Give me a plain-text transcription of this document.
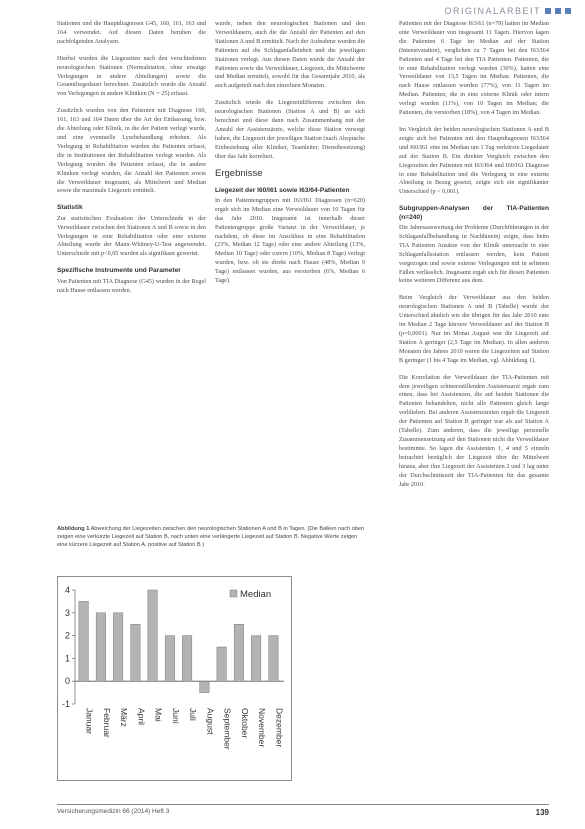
ORIGINALARBEIT

Stationen und die Hauptdiagnosen G45, 160, 161, 163 und 164 verwendet. Auf diesen Daten beruhen die nachfolgenden Analysen.

Hierbei wurden die Liegezeiten nach den verschiedenen neurologischen Stationen (Normalstation, ohne etwaige Verlegungen in andere Abteilungen) sowie die Gesamtliegedauer berechnet. Zusätzlich wurde die Anzahl von Verlegungen in andere Kliniken (N = 25) erfasst.

Zusätzlich wurden von den Patienten mit Diagnose 160, 161, 163 und 164 Daten über die Art der Entlassung, bzw. die Abteilung oder Klinik, in die der Patient verlegt wurde, und eine eventuelle Lysebehandlung erhoben. Als Verlegung in Rehabilitation wurden die Patienten erfasst, die in Institutionen der Rehabilitation verlegt wurden. Als Verlegung wurden die Patienten erfasst, die in andere Kliniken verlegt wurden, die Anzahl der Patienten sowie die Verweildauer insgesamt, als Mittelwert und Median sowie die maximale Liegezeit ermittelt.

Statistik

Zur statistischen Evaluation der Unterschiede in der Verweildauer zwischen den Stationen A und B sowie in den Verlegungen in eine Rehabilitation oder eine externe Abteilung wurde der Mann-Whitney-U-Test angewendet. Unterschiede mit p<0,05 wurden als signifikant gewertet.

Spezifische Instrumente und Parameter

Von Patienten mit TIA Diagnose (G45) wurden in der Regel nach Hause entlassen werden.

wurde, neben den neurologischen Stationen und den Verweildauern, auch die die Anzahl der Patienten auf den Stationen A und B ermittelt. Nach der Aufnahme wurden die Patienten auf die Schlaganfalleinheit und die jeweiligen Stationen verlegt. Aus diesen Daten wurde die Anzahl der Patienten sowie die Verweildauer, Liegezeit, die Mittelwerte und Median ermittelt, sowohl für das Gesamtjahr 2010, als auch aufgeteilt nach den einzelnen Monaten.

Zusätzlich wurde die Liegezeitdifferenz zwischen den neurologischen Stationen (Station A und B) an sich berechnet und diese dann nach Zusammenhang mit der Anzahl der Assistenzärzte, welche diese Station versorgt haben, die Liegezeit der jeweiligen Station (nach Absprache Einbeziehung aller Kliniker, Teamleiter, Dienstbesetzung) über das Jahr korreliert.

Ergebnisse
Liegezeit der I60/I61 sowie I63/64-Patienten

In den Patientengruppen mit I63/I61 Diagnosen (n=620) ergab sich im Median eine Verweildauer von 10 Tagen für das Jahr 2010. Insgesamt ist innerhalb dieser Patientengruppe große Varianz in der Verweildauer, je nachdem, ob diese im Anschluss in eine Rehabilitation (23%, Median 12 Tage) oder eine andere Abteilung (13%, Median 10 Tage) oder extern (10%, Median 8 Tage) verlegt wurden, bzw. ob sie direkt nach Hause (48%, Median 9 Tage) entlassen wurden, aus verstorben (6%, Median 6 Tage).

Patienten mit der Diagnose I63/61 (n=79) hatten im Median eine Verweildauer von insgesamt 11 Tagen. Hiervon lagen die Patienten 6 Tage im Median auf der Station (Intensivstation), verglichen zu 7 Tagen bei den I63/I64 Patienten und 4 Tage bei den TIA Patienten. Patienten, die in eine Rehabilitation verlegt wurden (30%), hatten eine Verweildauer von 13,5 Tagen im Median. Patienten, die nach Hause entlassen wurden (77%), von 11 Tagen im Median. Patienten, die in eine externe Klinik oder intern verlegt wurden (11%), von 10 Tagen im Median; die Patienten, die verstorben (18%), von 4 Tagen im Median.

Im Vergleich der beiden neurologischen Stationen A und B zeigte sich bei Patienten mit den Hauptdiagnosen I63/I64 und I60/I61 eine im Median um 1 Tag verkürzte Liegedauer auf der Station B. Ein direkter Vergleich zwischen den Liegezeiten der Patienten mit I63/I64 und I60/I61 Diagnose in eine Rehabilitation und die Verlegung in eine externe Abteilung in Bezug gesetzt, zeigte sich ein signifikanter Unterschied (p < 0,001).

Subgruppen-Analysen der TIA-Patienten (n=240)

Die Jahresauswertung der Probleme (Durchführungen in der Schlaganfallbehandlung in Nachhinein) zeigte, dass beim TIA Patienten Ansätze von der Klinik untersucht in eine Schlaganfallsstation entlassen werden, kein Patient vorgezogen und sowie externe Verlegungen mit in seltenen Fällen verlässlich. Insgesamt ergab sich für diesen Patienten keine weiteren Differenz aus dem.

Beim Vergleich der Verweildauer aus den beiden neurologischen Stationen A und B (Tabelle) wurde der Unterschied ähnlich wie die übrigen für das Jahr 2010 eine im Median 2 Tage kürzere Verweildauer auf der Station B (p=0,0001). Nur im Monat August war die Liegezeit auf Station A geringer (2,5 Tage im Median). In allen anderen Monaten des Jahres 2010 waren die Liegezeiten auf Station B geringer (1 bis 4 Tage im Median, vgl. Abbildung 1).

Die Korrelation der Verweildauer der TIA-Patienten mit dem jeweiligen schmerzstillenden Assistenzarzt ergab zum einen, dass bei Assistenzen, die auf beiden Stationen die Patienten behandelten, nicht alle Patienten gleich lange verblieben. Bei anderen Assistenzärzten ergab die Liegezeit der Patienten auf Station B geringer war als auf Station A (Tabelle). Zum anderen, dass die jeweilige personelle Zusammensetzung auf den Stationen nicht die Verweildauer bestimmte. So lagen die Assistenten 1, 4 und 5 einzeln betrachtet bezüglich der Liegezeit über ihr Mittelwert hinaus, aber ihre Liegezeit der Assistenten 2 und 3 lag unter der Durchschnittszeit der TIA-Patienten für das gesamte Jahr 2010.

Abbildung 1 Abweichung der Liegezeiten zwischen den neurologischen Stationen A und B in Tagen. (Die Balken nach oben zeigen eine verkürzte Liegezeit auf Station B, nach unten eine verlängerte Liegezeit auf Station B. Negative Werte zeigen eine kürzere Liegezeit auf Station A, positive auf Station B.)
-1
0
1
2
3
4
Januar Februar März April Mai Juni Juli August September Oktober November Dezember
Median
Versicherungsmedizin 66 (2014) Heft 3	139
